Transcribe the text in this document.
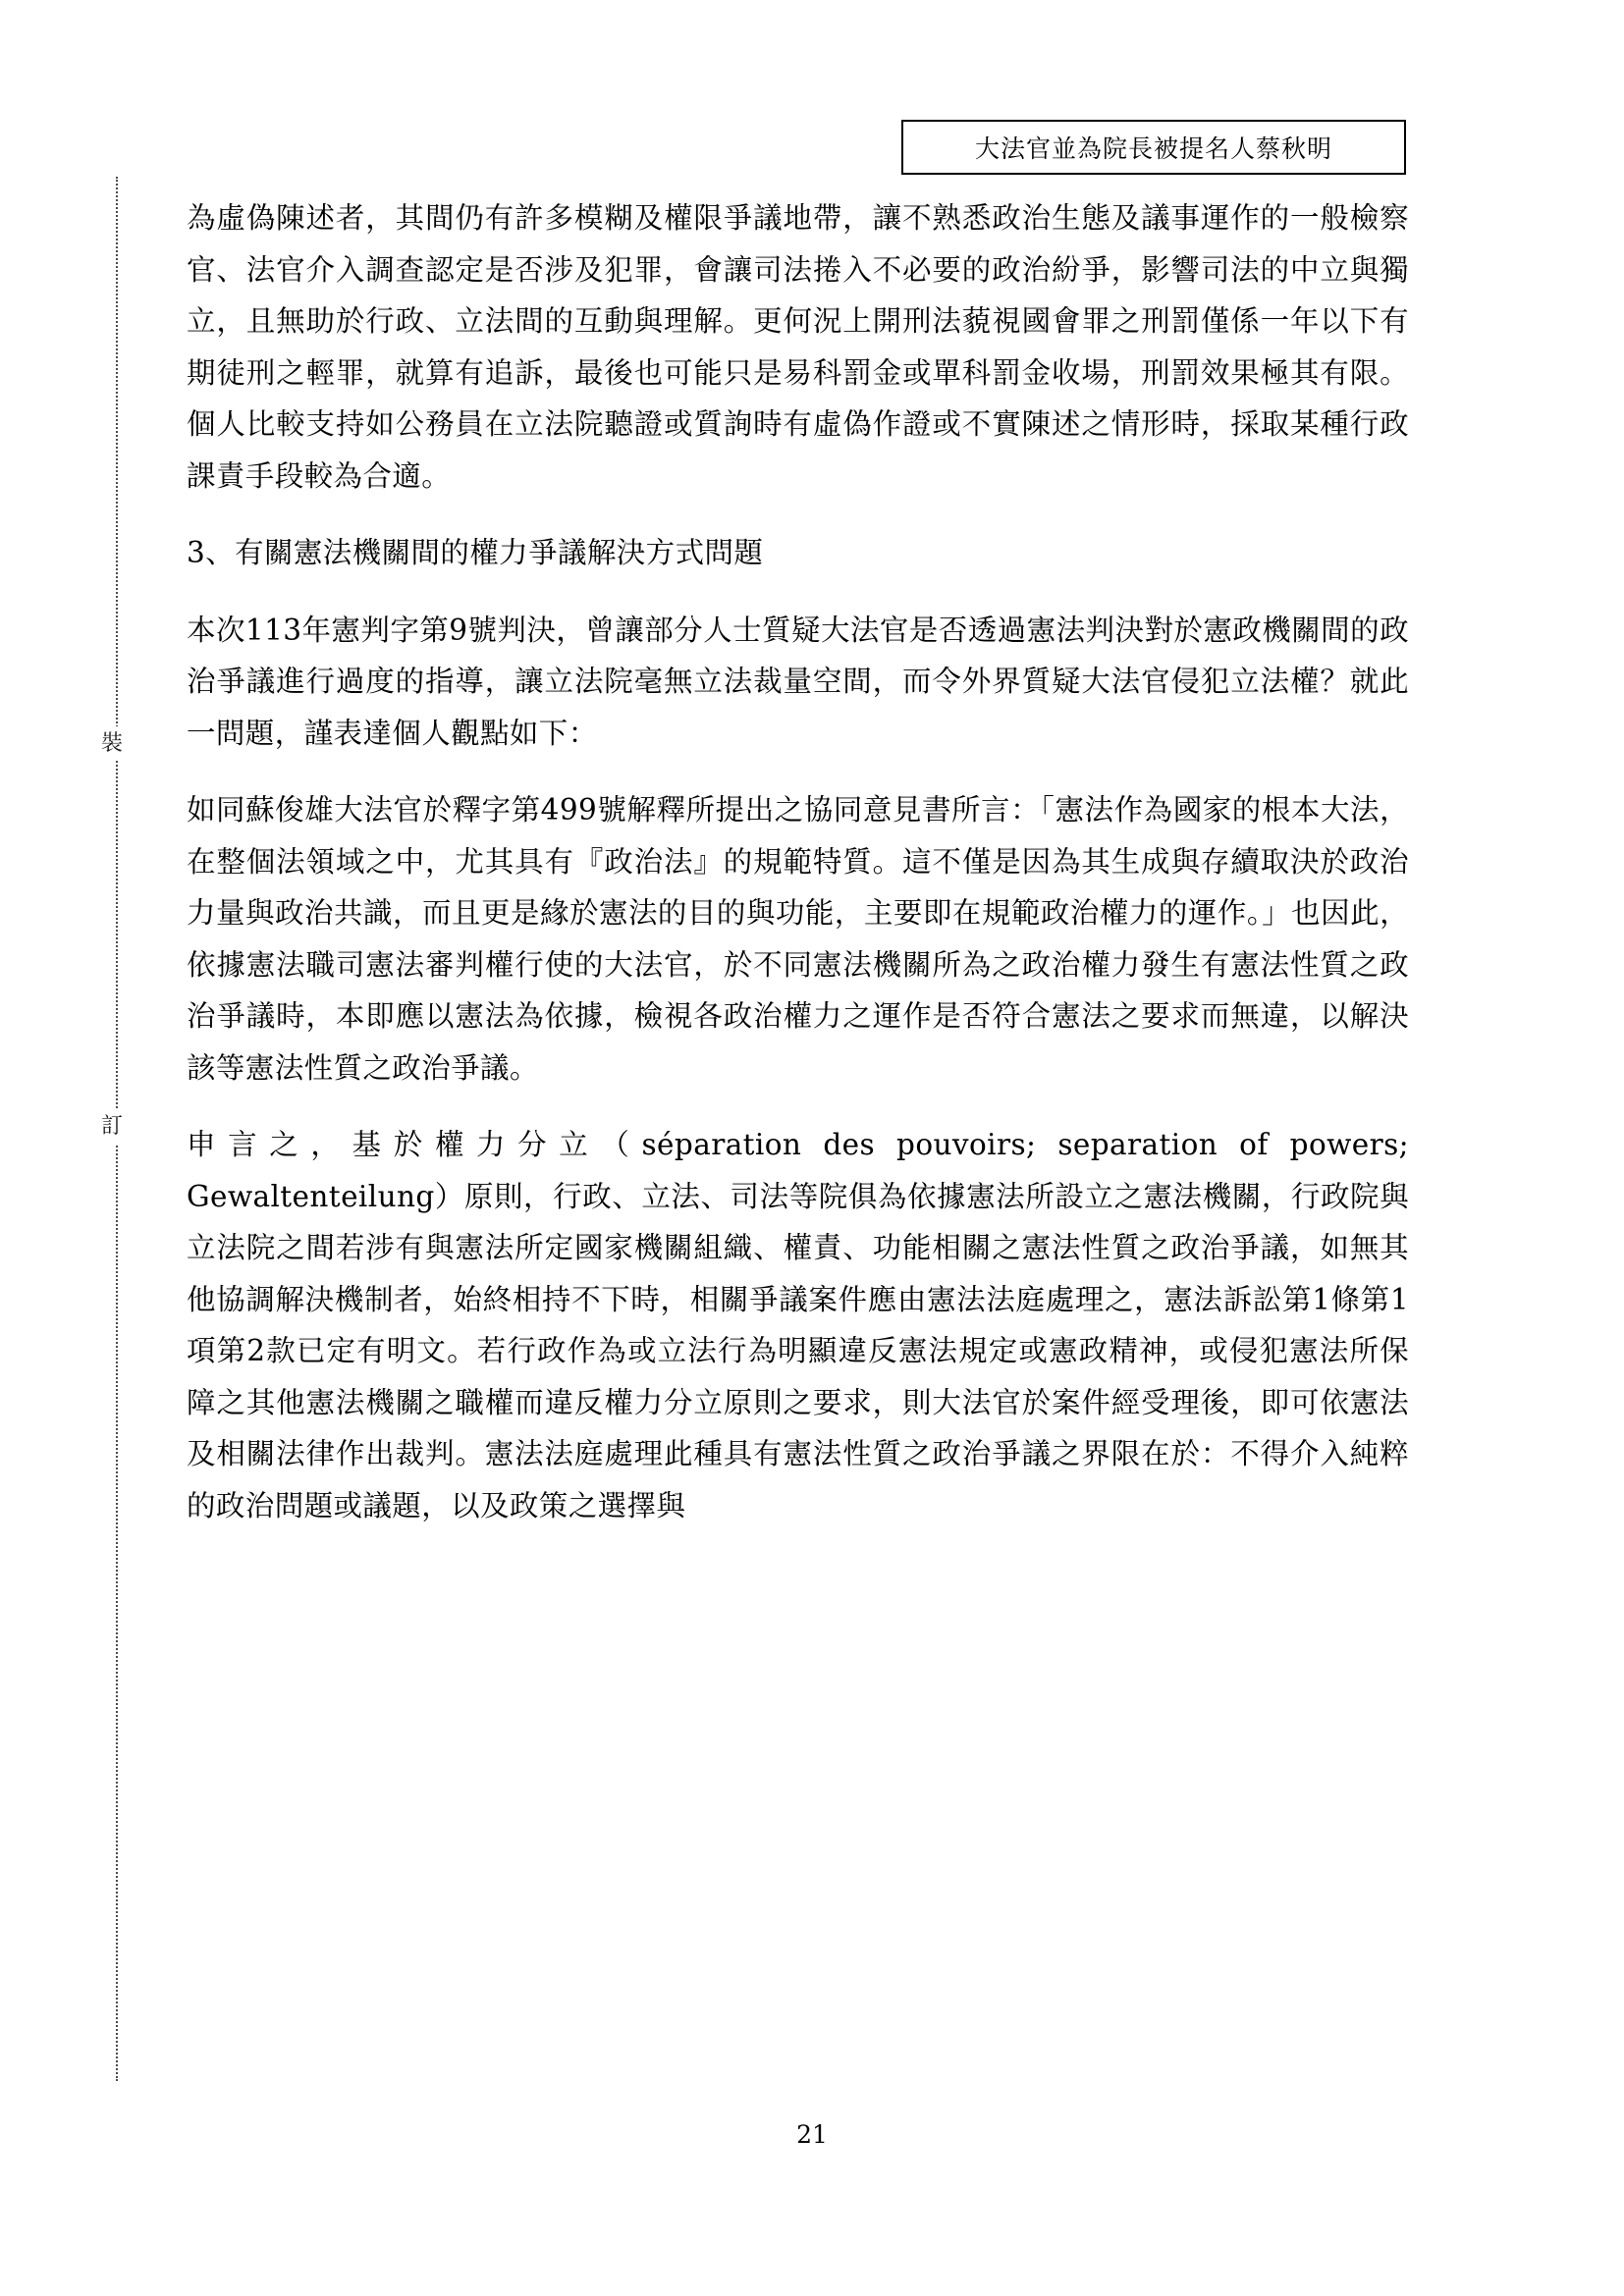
大法官並為院長被提名人蔡秋明
裝
訂

為虛偽陳述者，其間仍有許多模糊及權限爭議地帶，讓不熟悉政治生態及議事運作的一般檢察官、法官介入調查認定是否涉及犯罪，會讓司法捲入不必要的政治紛爭，影響司法的中立與獨立，且無助於行政、立法間的互動與理解。更何況上開刑法藐視國會罪之刑罰僅係一年以下有期徒刑之輕罪，就算有追訴，最後也可能只是易科罰金或單科罰金收場，刑罰效果極其有限。個人比較支持如公務員在立法院聽證或質詢時有虛偽作證或不實陳述之情形時，採取某種行政課責手段較為合適。

3、有關憲法機關間的權力爭議解決方式問題

本次113年憲判字第9號判決，曾讓部分人士質疑大法官是否透過憲法判決對於憲政機關間的政治爭議進行過度的指導，讓立法院毫無立法裁量空間，而令外界質疑大法官侵犯立法權？就此一問題，謹表達個人觀點如下：

如同蘇俊雄大法官於釋字第499號解釋所提出之協同意見書所言：「憲法作為國家的根本大法，在整個法領域之中，尤其具有『政治法』的規範特質。這不僅是因為其生成與存續取決於政治力量與政治共識，而且更是緣於憲法的目的與功能，主要即在規範政治權力的運作。」也因此，依據憲法職司憲法審判權行使的大法官，於不同憲法機關所為之政治權力發生有憲法性質之政治爭議時，本即應以憲法為依據，檢視各政治權力之運作是否符合憲法之要求而無違，以解決該等憲法性質之政治爭議。

申言之，基於權力分立（séparation des pouvoirs; separation of powers; Gewaltenteilung）原則，行政、立法、司法等院俱為依據憲法所設立之憲法機關，行政院與立法院之間若涉有與憲法所定國家機關組織、權責、功能相關之憲法性質之政治爭議，如無其他協調解決機制者，始終相持不下時，相關爭議案件應由憲法法庭處理之，憲法訴訟第1條第1項第2款已定有明文。若行政作為或立法行為明顯違反憲法規定或憲政精神，或侵犯憲法所保障之其他憲法機關之職權而違反權力分立原則之要求，則大法官於案件經受理後，即可依憲法及相關法律作出裁判。憲法法庭處理此種具有憲法性質之政治爭議之界限在於：不得介入純粹的政治問題或議題，以及政策之選擇與

21
